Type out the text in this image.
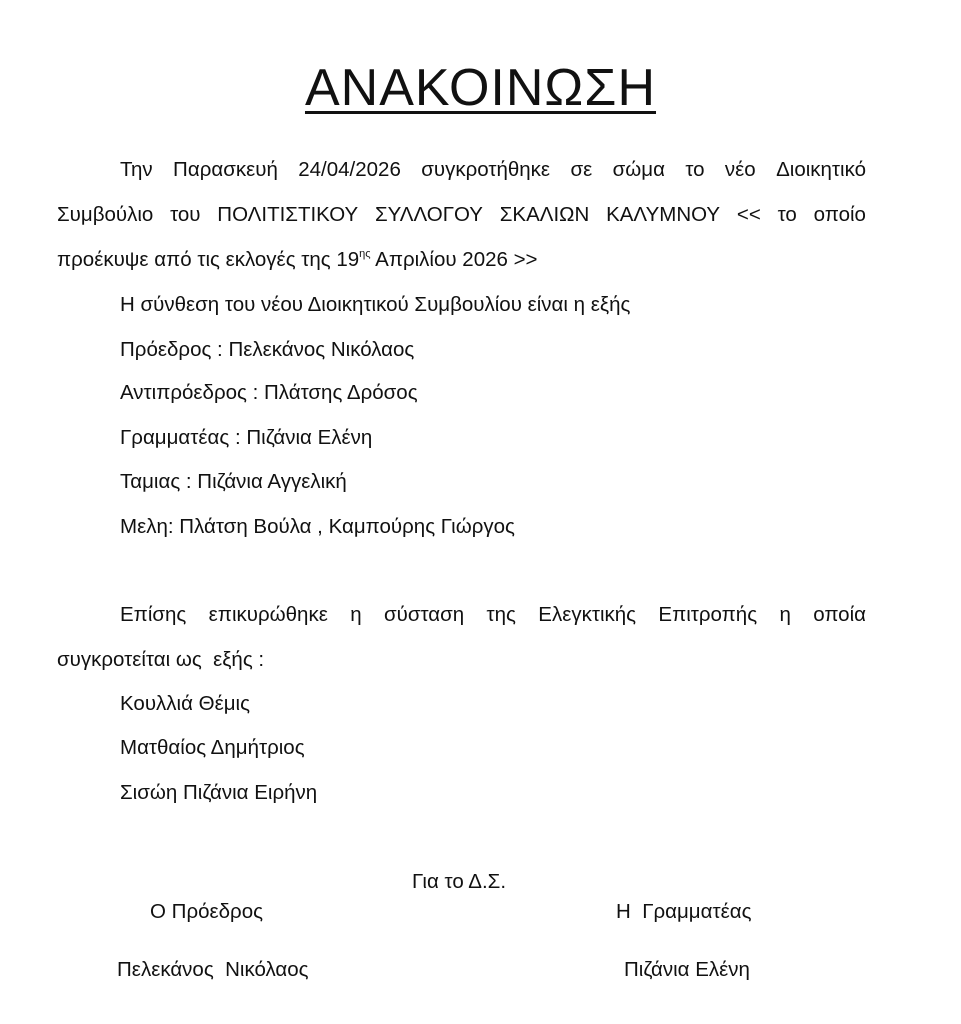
ΑΝΑΚΟΙΝΩΣΗ
Την Παρασκευή 24/04/2026 συγκροτήθηκε σε σώμα το νέο Διοικητικό
Συμβούλιο του ΠΟΛΙΤΙΣΤΙΚΟΥ ΣΥΛΛΟΓΟΥ ΣΚΑΛΙΩΝ ΚΑΛΥΜΝΟΥ << το οποίο
προέκυψε από τις εκλογές της $19^{\eta\varsigma}$ Απριλίου 2026 >>
Η σύνθεση του νέου Διοικητικού Συμβουλίου είναι η εξής
Πρόεδρος : Πελεκάνος Νικόλαος
Αντιπρόεδρος : Πλάτσης Δρόσος
Γραμματέας : Πιζάνια Ελένη
Ταμιας : Πιζάνια Αγγελική
Μελη: Πλάτση Βούλα , Καμπούρης Γιώργος
Επίσης επικυρώθηκε η σύσταση της Ελεγκτικής Επιτροπής η οποία
συγκροτείται ως  εξής :
Κουλλιά Θέμις
Ματθαίος Δημήτριος
Σισώη Πιζάνια Ειρήνη
Για το Δ.Σ.
Ο Πρόεδρος	Η  Γραμματέας
Πελεκάνος  Νικόλαος	Πιζάνια Ελένη
